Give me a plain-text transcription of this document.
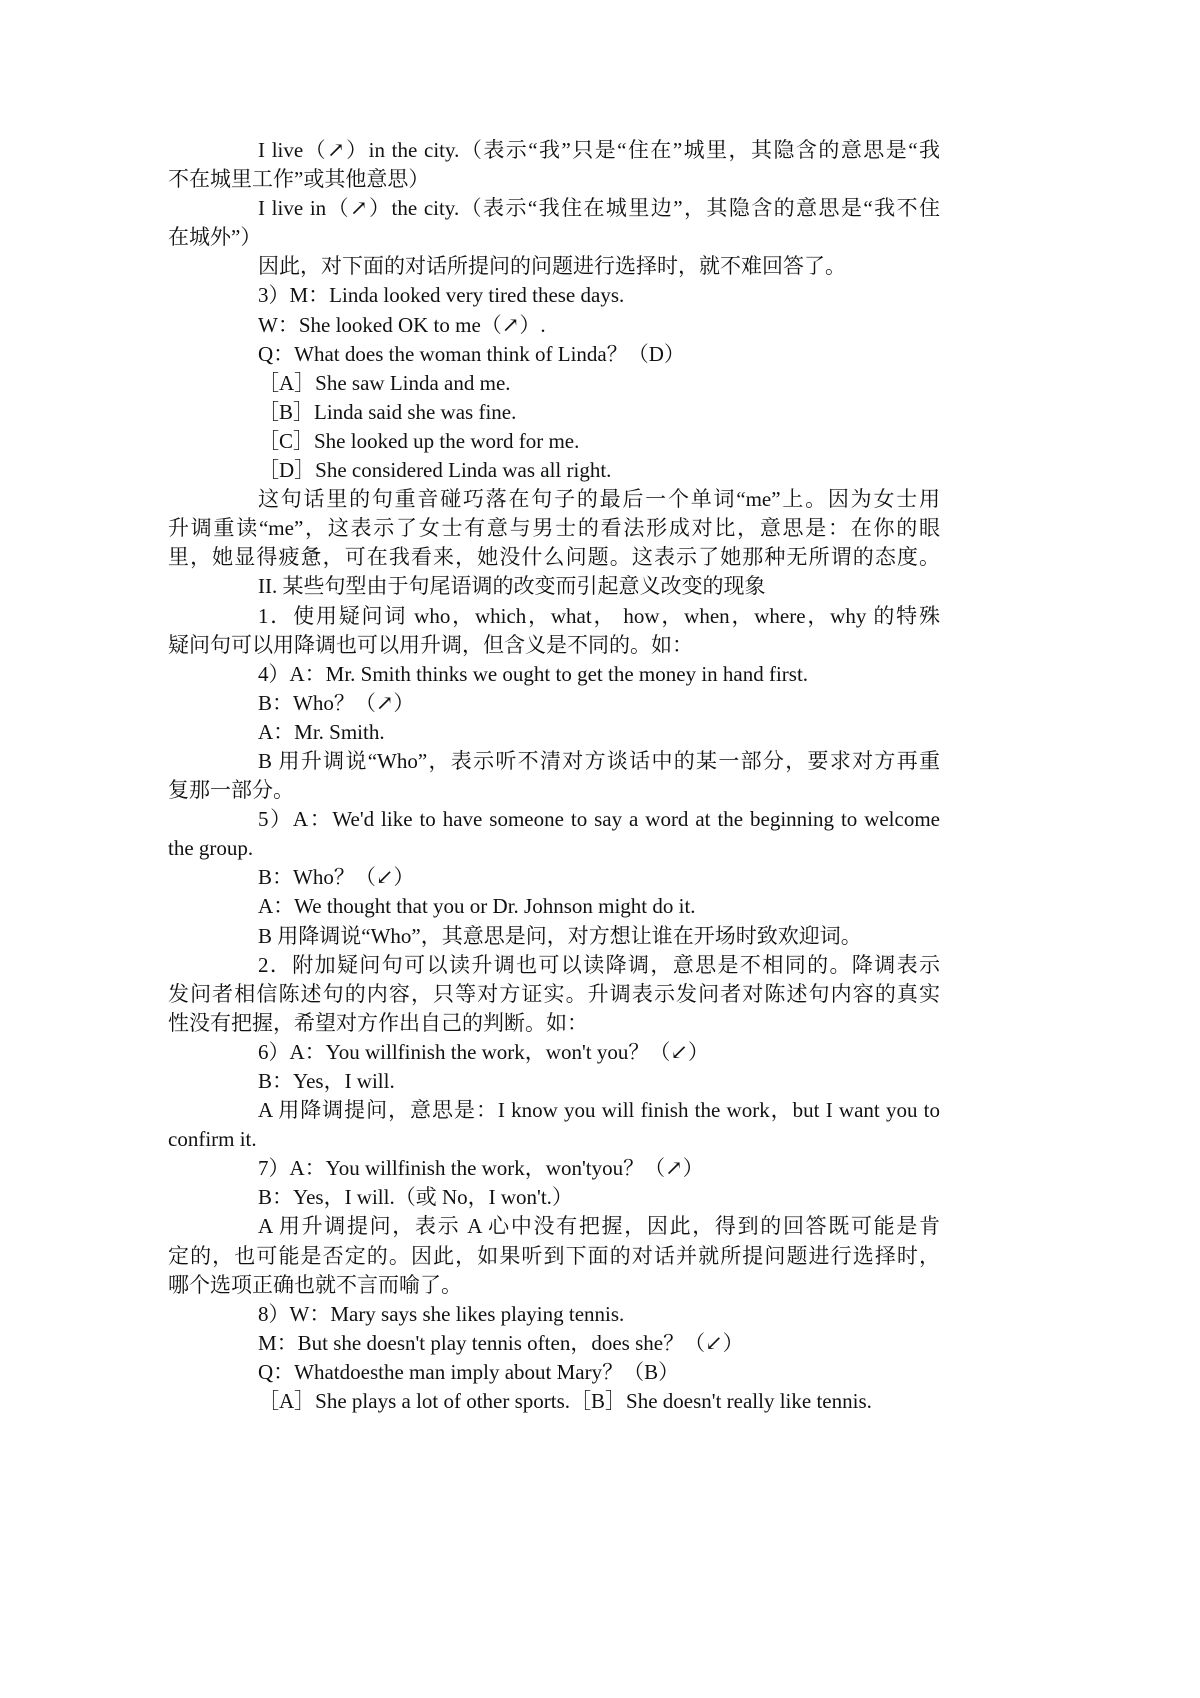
I live（↗）in the city.（表示“我”只是“住在”城里，其隐含的意思是“我
不在城里工作”或其他意思）
I live in（↗）the city.（表示“我住在城里边”，其隐含的意思是“我不住
在城外”）
因此，对下面的对话所提问的问题进行选择时，就不难回答了。
3）M：Linda looked very tired these days.
W：She looked OK to me（↗）.
Q：What does the woman think of Linda？（D）
［A］She saw Linda and me.
［B］Linda said she was fine.
［C］She looked up the word for me.
［D］She considered Linda was all right.
这句话里的句重音碰巧落在句子的最后一个单词“me”上。因为女士用
升调重读“me”，这表示了女士有意与男士的看法形成对比，意思是：在你的眼
里，她显得疲惫，可在我看来，她没什么问题。这表示了她那种无所谓的态度。
II. 某些句型由于句尾语调的改变而引起意义改变的现象
1．使用疑问词 who，which，what， how，when，where，why 的特殊
疑问句可以用降调也可以用升调，但含义是不同的。如：
4）A：Mr. Smith thinks we ought to get the money in hand first.
B：Who？（↗）
A：Mr. Smith.
B 用升调说“Who”，表示听不清对方谈话中的某一部分，要求对方再重
复那一部分。
5）A：We'd like to have someone to say a word at the beginning to welcome
the group.
B：Who？（↙）
A：We thought that you or Dr. Johnson might do it.
B 用降调说“Who”，其意思是问，对方想让谁在开场时致欢迎词。
2．附加疑问句可以读升调也可以读降调，意思是不相同的。降调表示
发问者相信陈述句的内容，只等对方证实。升调表示发问者对陈述句内容的真实
性没有把握，希望对方作出自己的判断。如：
6）A：You willfinish the work，won't you？（↙）
B：Yes，I will.
A 用降调提问，意思是：I know you will finish the work，but I want you to
confirm it.
7）A：You willfinish the work，won'tyou？（↗）
B：Yes，I will.（或 No，I won't.）
A 用升调提问，表示 A 心中没有把握，因此，得到的回答既可能是肯
定的，也可能是否定的。因此，如果听到下面的对话并就所提问题进行选择时，
哪个选项正确也就不言而喻了。
8）W：Mary says she likes playing tennis.
M：But she doesn't play tennis often，does she？（↙）
Q：Whatdoesthe man imply about Mary？（B）
［A］She plays a lot of other sports.［B］She doesn't really like tennis.
